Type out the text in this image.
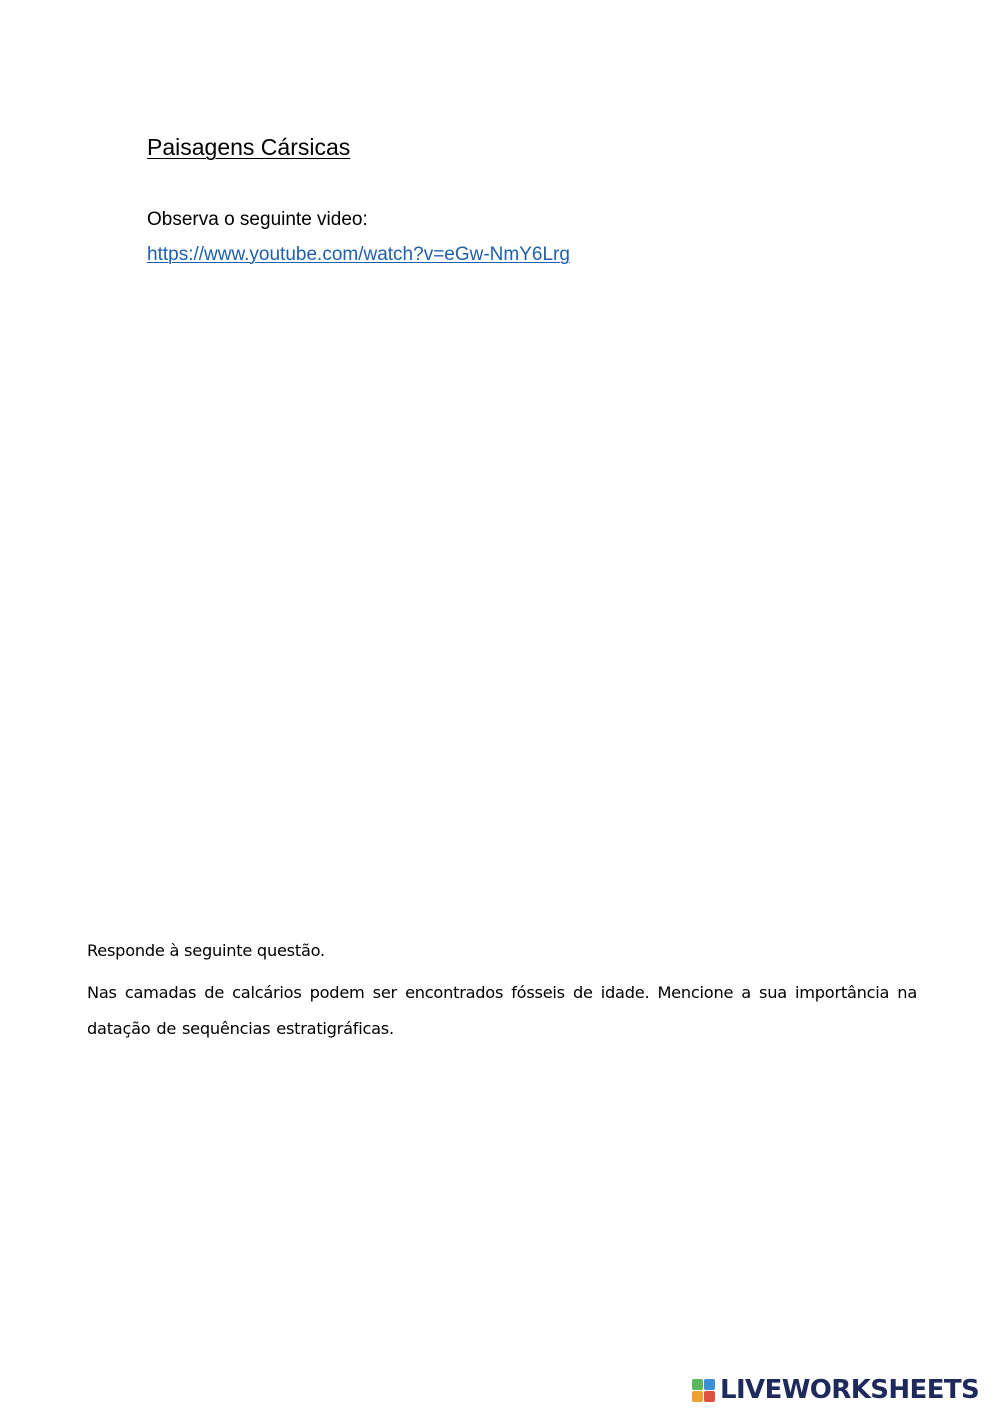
Paisagens Cársicas
Observa o seguinte video:
https://www.youtube.com/watch?v=eGw-NmY6Lrg

Responde à seguinte questão.

Nas camadas de calcários podem ser encontrados fósseis de idade. Mencione a sua importância na datação de sequências estratigráficas.

LIVEWORKSHEETS
